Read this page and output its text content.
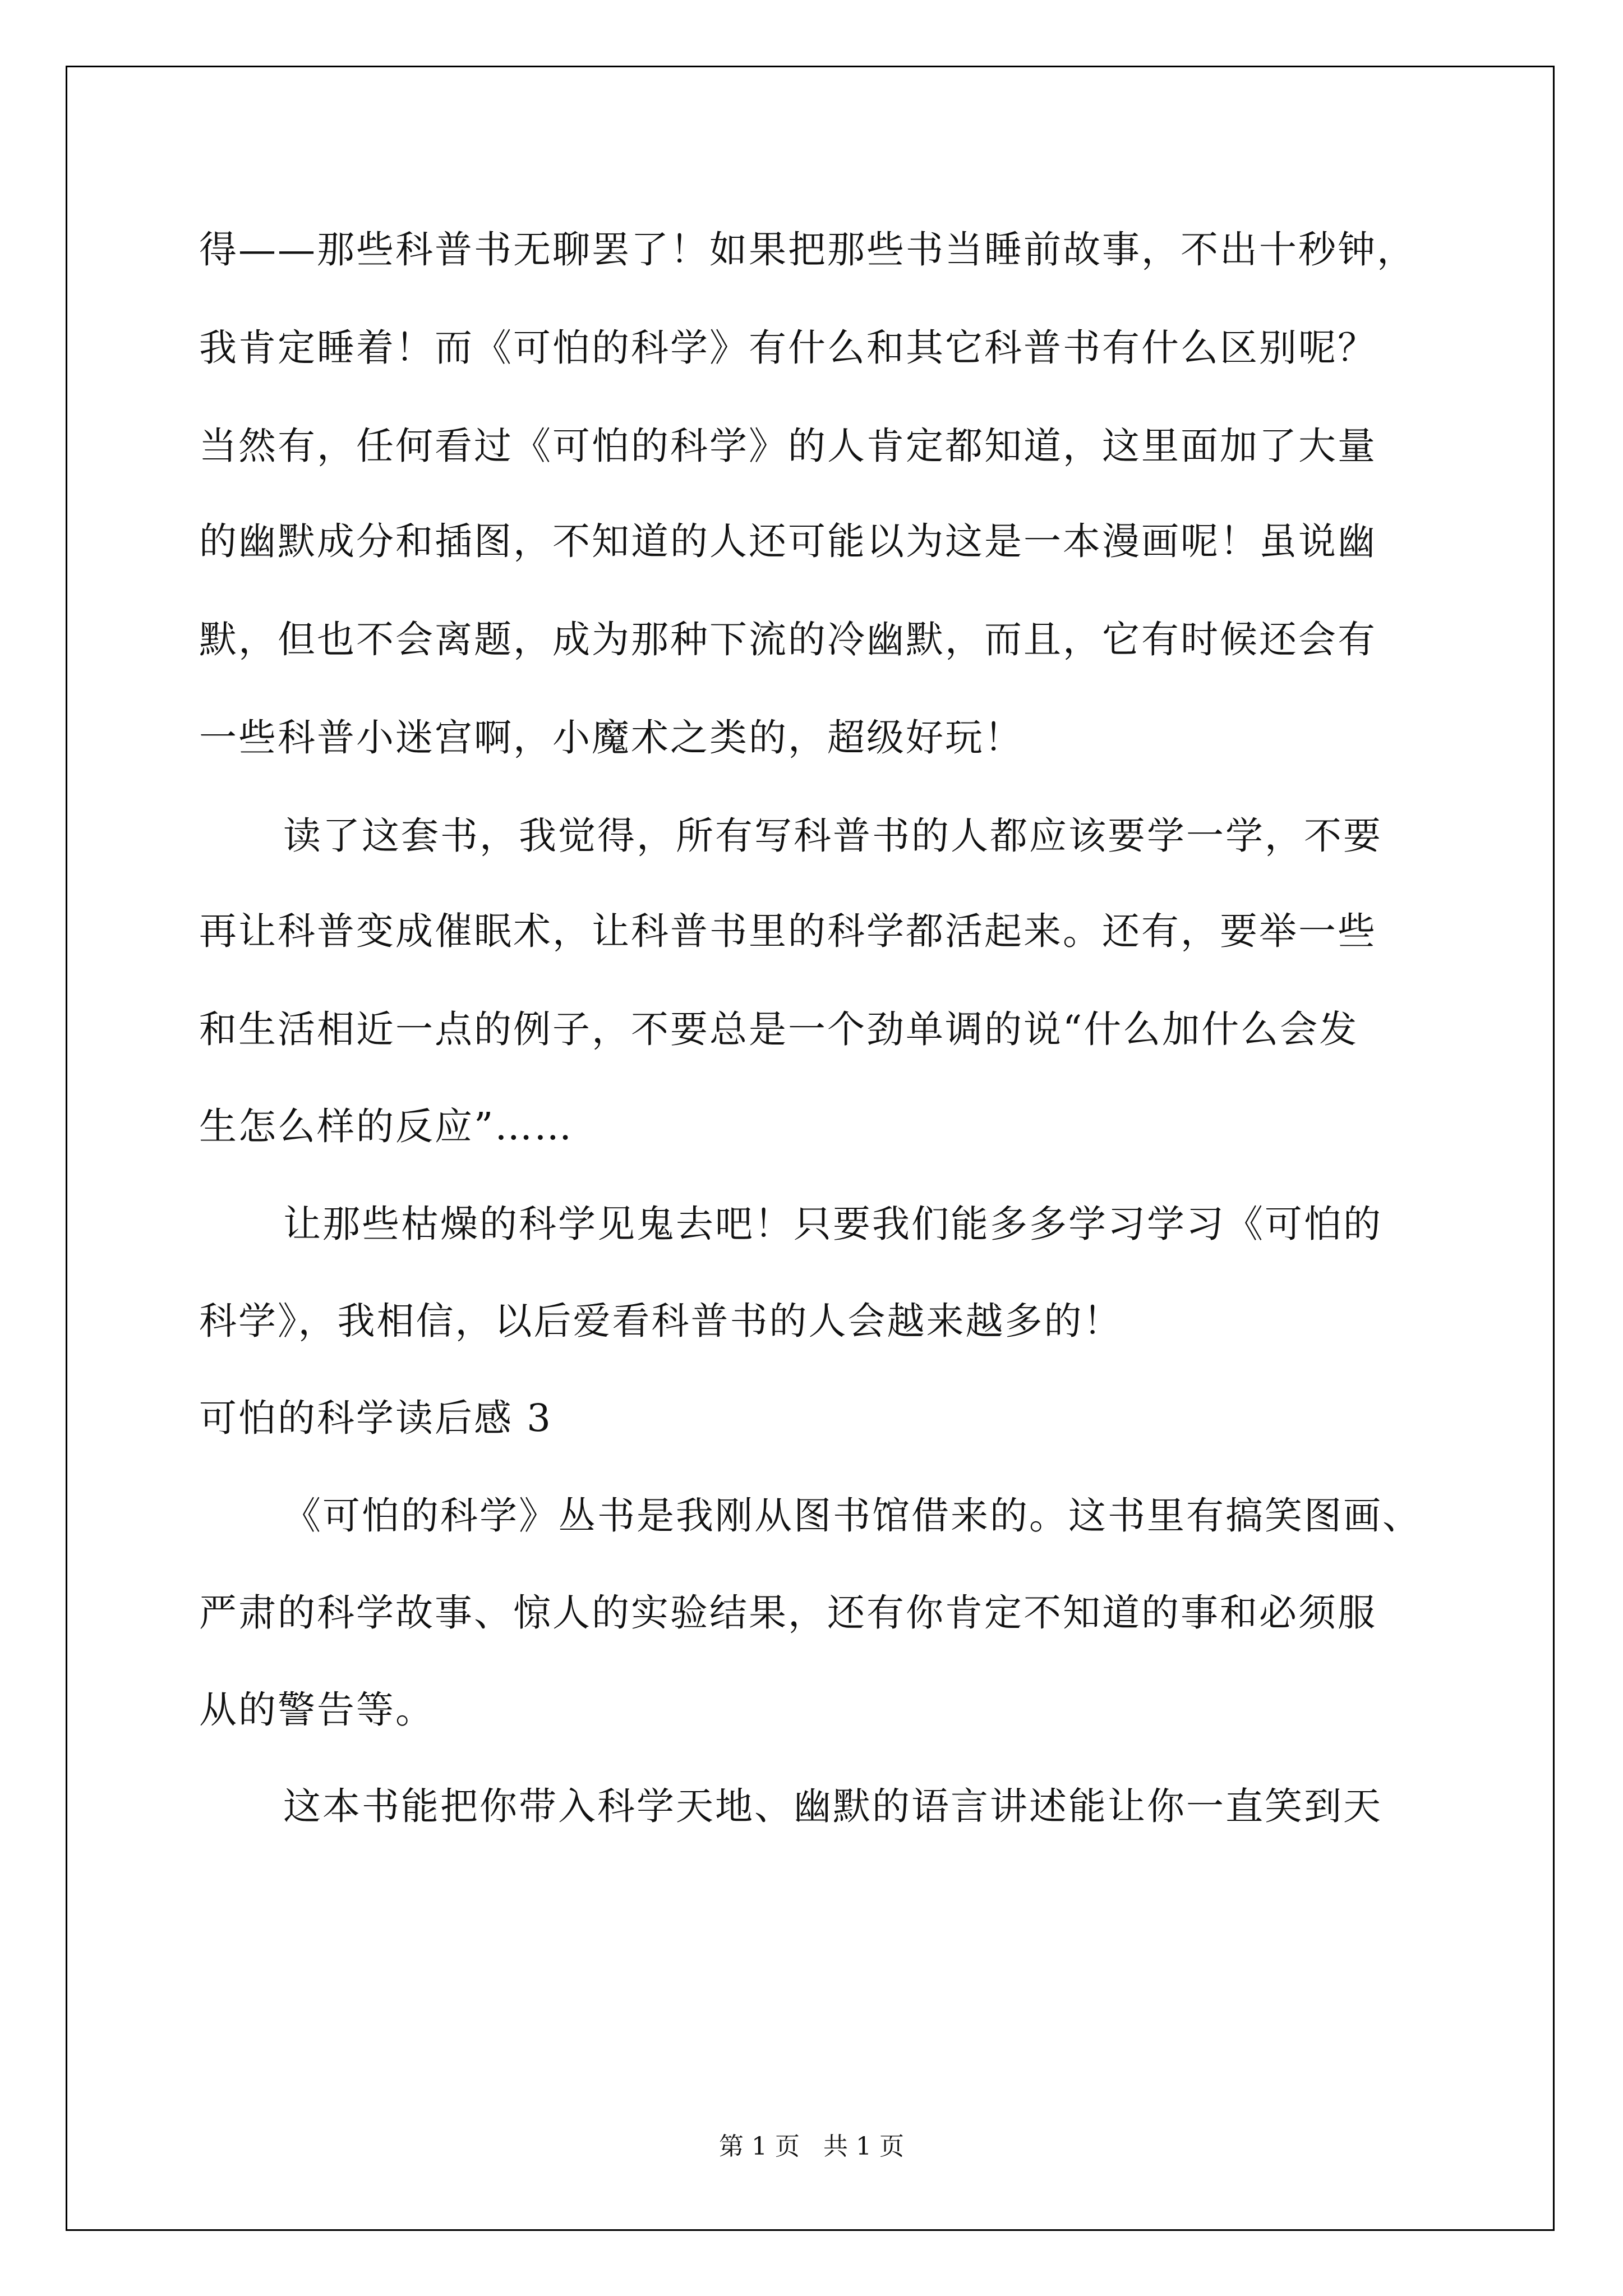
得——那些科普书无聊罢了！如果把那些书当睡前故事，不出十秒钟，
我肯定睡着！而《可怕的科学》有什么和其它科普书有什么区别呢？
当然有，任何看过《可怕的科学》的人肯定都知道，这里面加了大量
的幽默成分和插图，不知道的人还可能以为这是一本漫画呢！虽说幽
默，但也不会离题，成为那种下流的冷幽默，而且，它有时候还会有
一些科普小迷宫啊，小魔术之类的，超级好玩！
读了这套书，我觉得，所有写科普书的人都应该要学一学，不要
再让科普变成催眠术，让科普书里的科学都活起来。还有，要举一些
和生活相近一点的例子，不要总是一个劲单调的说“什么加什么会发
生怎么样的反应”……
让那些枯燥的科学见鬼去吧！只要我们能多多学习学习《可怕的
科学》，我相信，以后爱看科普书的人会越来越多的！
可怕的科学读后感 3
《可怕的科学》丛书是我刚从图书馆借来的。这书里有搞笑图画、
严肃的科学故事、惊人的实验结果，还有你肯定不知道的事和必须服
从的警告等。
这本书能把你带入科学天地、幽默的语言讲述能让你一直笑到天
第 1 页   共 1 页
